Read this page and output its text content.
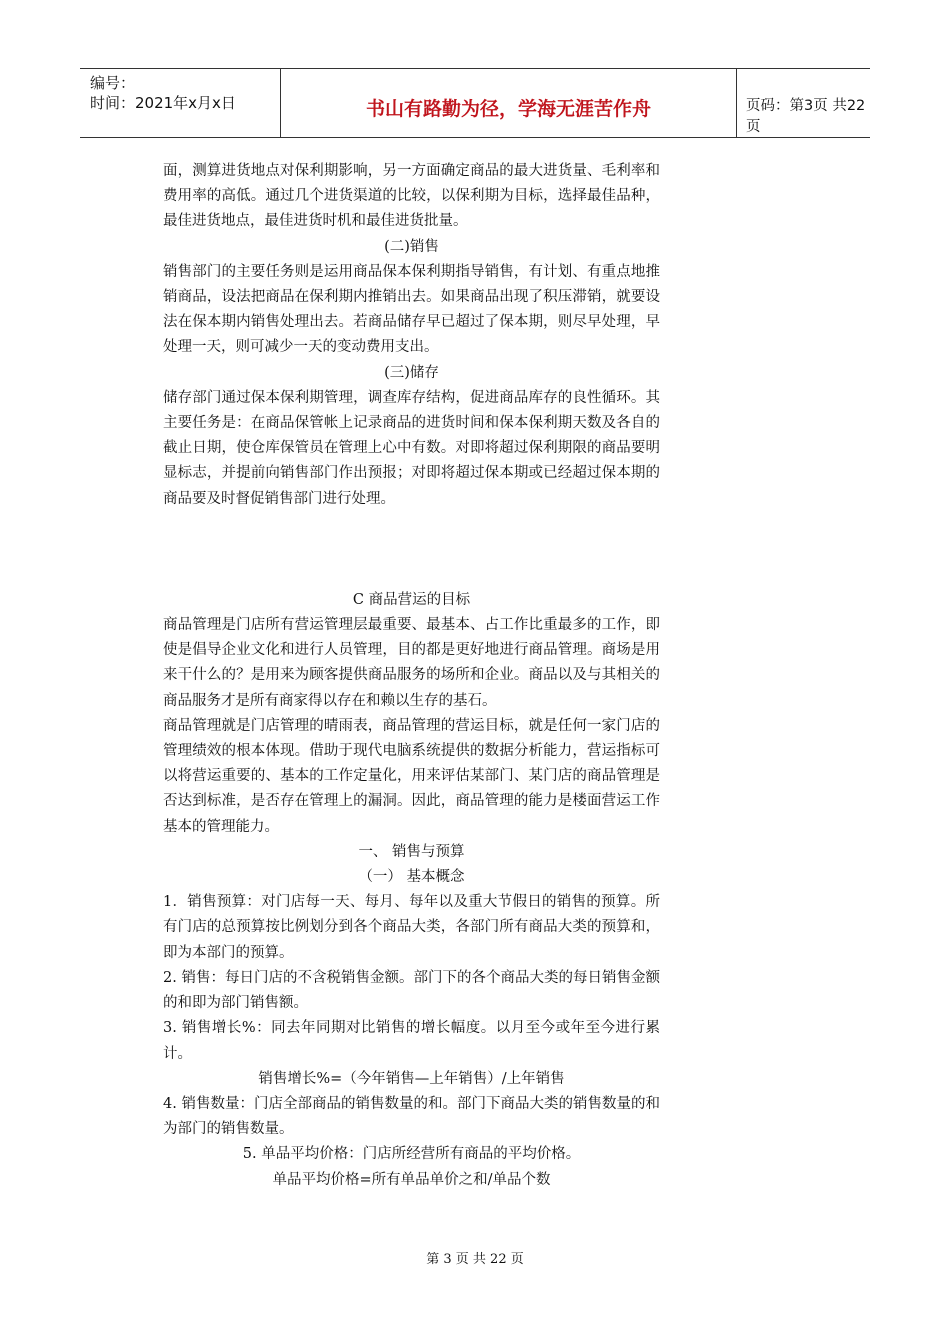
编号：
时间：2021年x月x日	书山有路勤为径，学海无涯苦作舟	页码：第3页 共22页
面，测算进货地点对保利期影响，另一方面确定商品的最大进货量、毛利率和费用率的高低。通过几个进货渠道的比较，以保利期为目标，选择最佳品种，最佳进货地点，最佳进货时机和最佳进货批量。
(二)销售
销售部门的主要任务则是运用商品保本保利期指导销售，有计划、有重点地推销商品，设法把商品在保利期内推销出去。如果商品出现了积压滞销，就要设法在保本期内销售处理出去。若商品储存早已超过了保本期，则尽早处理，早处理一天，则可减少一天的变动费用支出。
(三)储存
储存部门通过保本保利期管理，调查库存结构，促进商品库存的良性循环。其主要任务是：在商品保管帐上记录商品的进货时间和保本保利期天数及各自的截止日期，使仓库保管员在管理上心中有数。对即将超过保利期限的商品要明显标志，并提前向销售部门作出预报；对即将超过保本期或已经超过保本期的商品要及时督促销售部门进行处理。
C 商品营运的目标
商品管理是门店所有营运管理层最重要、最基本、占工作比重最多的工作，即使是倡导企业文化和进行人员管理，目的都是更好地进行商品管理。商场是用来干什么的？是用来为顾客提供商品服务的场所和企业。商品以及与其相关的商品服务才是所有商家得以存在和赖以生存的基石。
商品管理就是门店管理的晴雨表，商品管理的营运目标，就是任何一家门店的管理绩效的根本体现。借助于现代电脑系统提供的数据分析能力，营运指标可以将营运重要的、基本的工作定量化，用来评估某部门、某门店的商品管理是否达到标准，是否存在管理上的漏洞。因此，商品管理的能力是楼面营运工作基本的管理能力。
一、 销售与预算
（一） 基本概念
1．销售预算：对门店每一天、每月、每年以及重大节假日的销售的预算。所有门店的总预算按比例划分到各个商品大类，各部门所有商品大类的预算和，即为本部门的预算。
2. 销售：每日门店的不含税销售金额。部门下的各个商品大类的每日销售金额的和即为部门销售额。
3. 销售增长%：同去年同期对比销售的增长幅度。以月至今或年至今进行累计。
销售增长%=（今年销售—上年销售）/上年销售
4. 销售数量：门店全部商品的销售数量的和。部门下商品大类的销售数量的和为部门的销售数量。
5. 单品平均价格：门店所经营所有商品的平均价格。
单品平均价格=所有单品单价之和/单品个数
第 3 页 共 22 页
